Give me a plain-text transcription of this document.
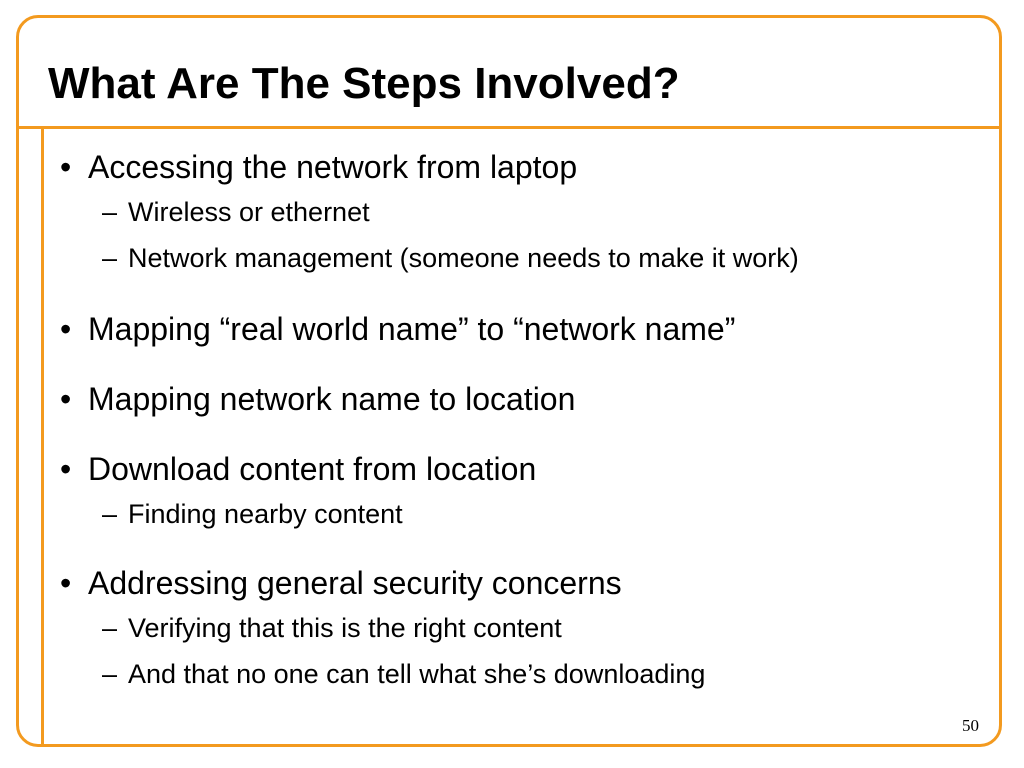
What Are The Steps Involved?
• Accessing the network from laptop
– Wireless or ethernet
– Network management (someone needs to make it work)
• Mapping “real world name” to “network name”
• Mapping network name to location
• Download content from location
– Finding nearby content
• Addressing general security concerns
– Verifying that this is the right content
– And that no one can tell what she’s downloading
50
